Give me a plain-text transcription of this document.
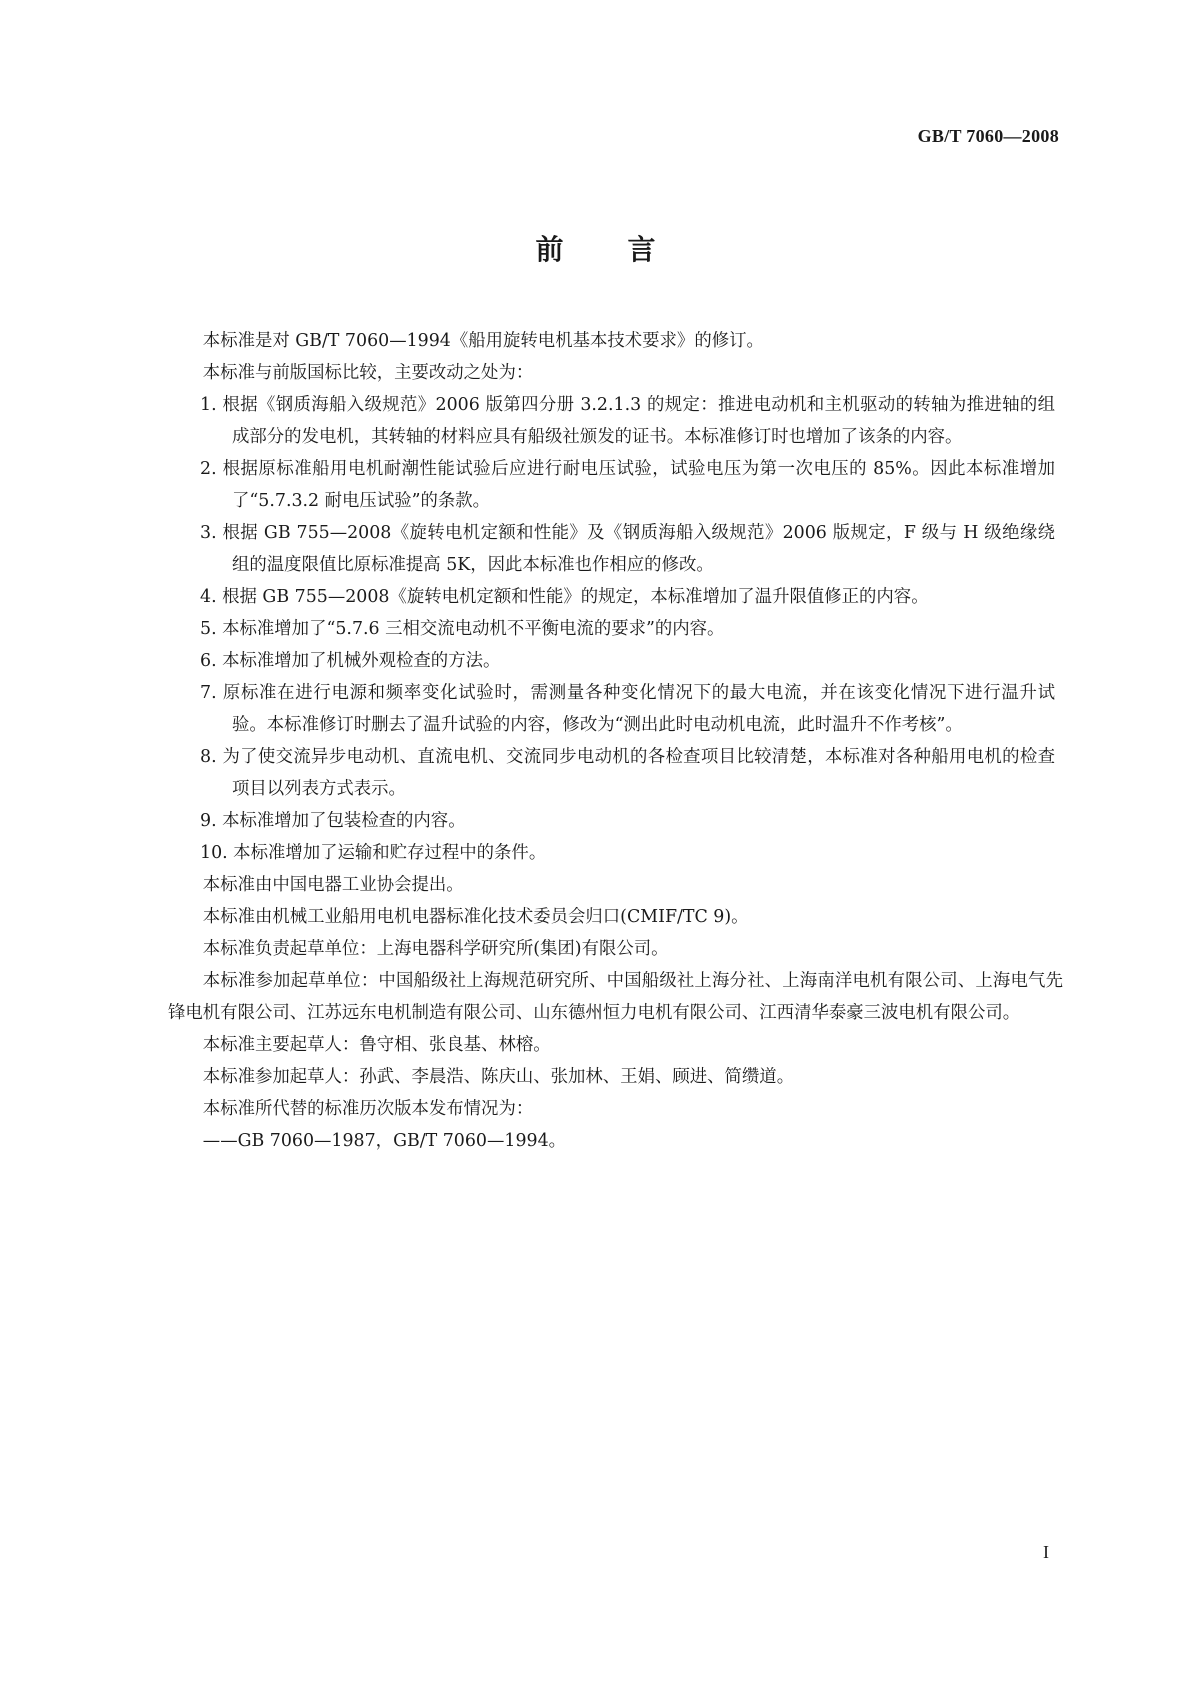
GB/T 7060—2008
前言

本标准是对 GB/T 7060—1994《船用旋转电机基本技术要求》的修订。

本标准与前版国标比较，主要改动之处为：

1. 根据《钢质海船入级规范》2006 版第四分册 3.2.1.3 的规定：推进电动机和主机驱动的转轴为推进轴的组成部分的发电机，其转轴的材料应具有船级社颁发的证书。本标准修订时也增加了该条的内容。

2. 根据原标准船用电机耐潮性能试验后应进行耐电压试验，试验电压为第一次电压的 85%。因此本标准增加了“5.7.3.2 耐电压试验”的条款。

3. 根据 GB 755—2008《旋转电机定额和性能》及《钢质海船入级规范》2006 版规定，F 级与 H 级绝缘绕组的温度限值比原标准提高 5K，因此本标准也作相应的修改。

4. 根据 GB 755—2008《旋转电机定额和性能》的规定，本标准增加了温升限值修正的内容。

5. 本标准增加了“5.7.6 三相交流电动机不平衡电流的要求”的内容。

6. 本标准增加了机械外观检查的方法。

7. 原标准在进行电源和频率变化试验时，需测量各种变化情况下的最大电流，并在该变化情况下进行温升试验。本标准修订时删去了温升试验的内容，修改为“测出此时电动机电流，此时温升不作考核”。

8. 为了使交流异步电动机、直流电机、交流同步电动机的各检查项目比较清楚，本标准对各种船用电机的检查项目以列表方式表示。

9. 本标准增加了包装检查的内容。

10. 本标准增加了运输和贮存过程中的条件。

本标准由中国电器工业协会提出。

本标准由机械工业船用电机电器标准化技术委员会归口(CMIF/TC 9)。

本标准负责起草单位：上海电器科学研究所(集团)有限公司。

本标准参加起草单位：中国船级社上海规范研究所、中国船级社上海分社、上海南洋电机有限公司、上海电气先锋电机有限公司、江苏远东电机制造有限公司、山东德州恒力电机有限公司、江西清华泰豪三波电机有限公司。

本标准主要起草人：鲁守相、张良基、林榕。

本标准参加起草人：孙武、李晨浩、陈庆山、张加林、王娟、顾进、简缵道。

本标准所代替的标准历次版本发布情况为：

——GB 7060—1987，GB/T 7060—1994。

I
